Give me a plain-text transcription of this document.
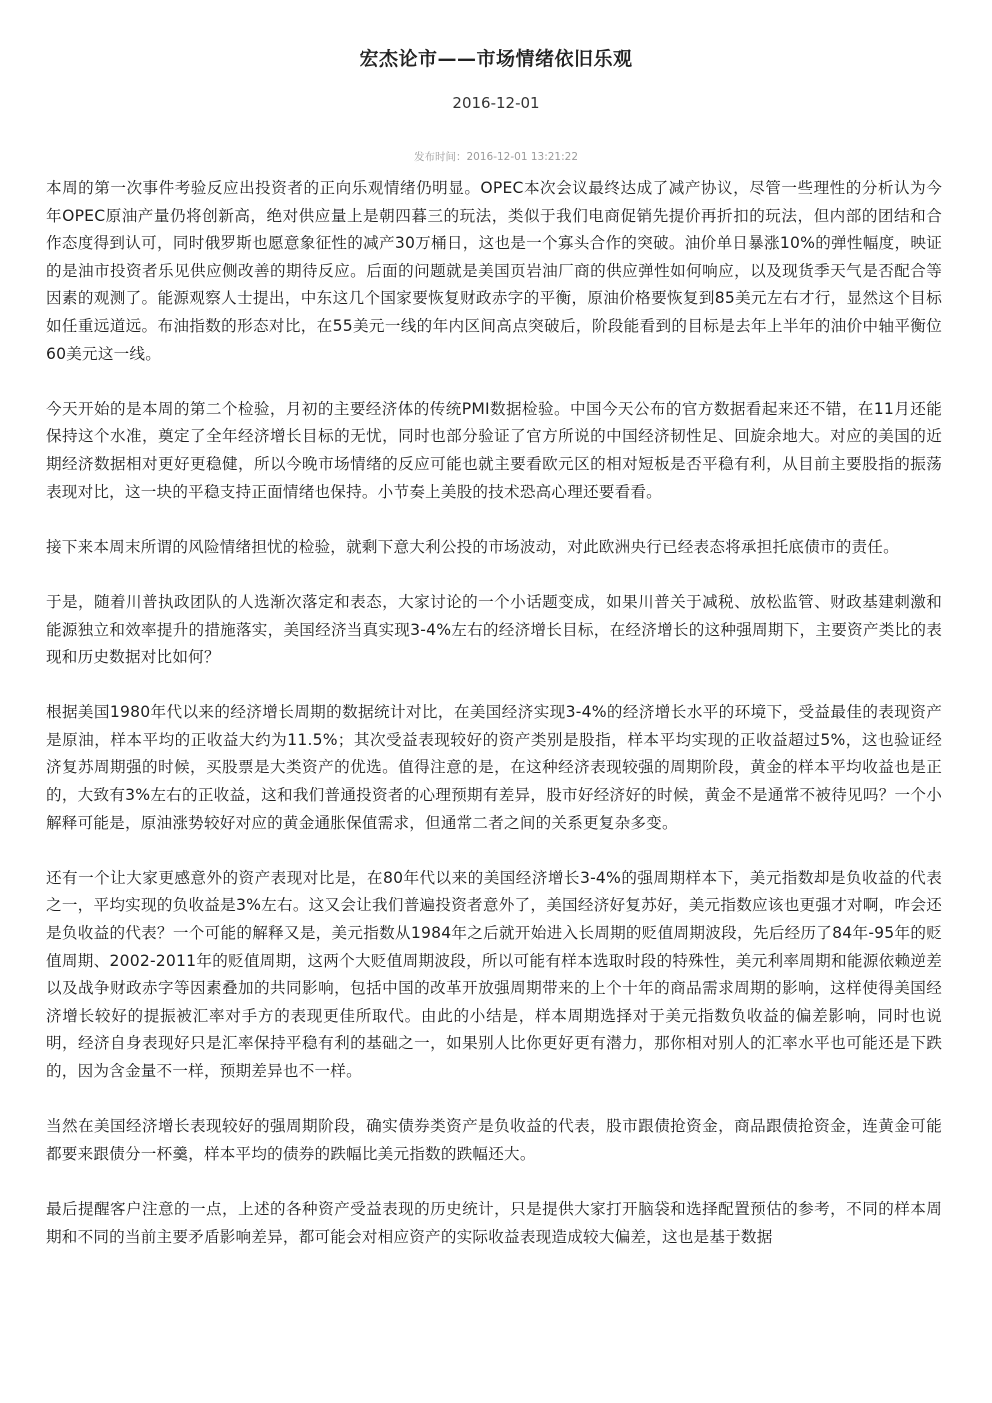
宏杰论市——市场情绪依旧乐观
2016-12-01
发布时间：2016-12-01 13:21:22

本周的第一次事件考验反应出投资者的正向乐观情绪仍明显。OPEC本次会议最终达成了减产协议，尽管一些理性的分析认为今年OPEC原油产量仍将创新高，绝对供应量上是朝四暮三的玩法，类似于我们电商促销先提价再折扣的玩法，但内部的团结和合作态度得到认可，同时俄罗斯也愿意象征性的减产30万桶日，这也是一个寡头合作的突破。油价单日暴涨10%的弹性幅度，映证的是油市投资者乐见供应侧改善的期待反应。后面的问题就是美国页岩油厂商的供应弹性如何响应，以及现货季天气是否配合等因素的观测了。能源观察人士提出，中东这几个国家要恢复财政赤字的平衡，原油价格要恢复到85美元左右才行，显然这个目标如任重远道远。布油指数的形态对比，在55美元一线的年内区间高点突破后，阶段能看到的目标是去年上半年的油价中轴平衡位60美元这一线。

今天开始的是本周的第二个检验，月初的主要经济体的传统PMI数据检验。中国今天公布的官方数据看起来还不错，在11月还能保持这个水准，奠定了全年经济增长目标的无忧，同时也部分验证了官方所说的中国经济韧性足、回旋余地大。对应的美国的近期经济数据相对更好更稳健，所以今晚市场情绪的反应可能也就主要看欧元区的相对短板是否平稳有利，从目前主要股指的振荡表现对比，这一块的平稳支持正面情绪也保持。小节奏上美股的技术恐高心理还要看看。

接下来本周末所谓的风险情绪担忧的检验，就剩下意大利公投的市场波动，对此欧洲央行已经表态将承担托底债市的责任。

于是，随着川普执政团队的人选渐次落定和表态，大家讨论的一个小话题变成，如果川普关于减税、放松监管、财政基建刺激和能源独立和效率提升的措施落实，美国经济当真实现3-4%左右的经济增长目标，在经济增长的这种强周期下，主要资产类比的表现和历史数据对比如何？

根据美国1980年代以来的经济增长周期的数据统计对比，在美国经济实现3-4%的经济增长水平的环境下，受益最佳的表现资产是原油，样本平均的正收益大约为11.5%；其次受益表现较好的资产类别是股指，样本平均实现的正收益超过5%，这也验证经济复苏周期强的时候，买股票是大类资产的优选。值得注意的是，在这种经济表现较强的周期阶段，黄金的样本平均收益也是正的，大致有3%左右的正收益，这和我们普通投资者的心理预期有差异，股市好经济好的时候，黄金不是通常不被待见吗？一个小解释可能是，原油涨势较好对应的黄金通胀保值需求，但通常二者之间的关系更复杂多变。

还有一个让大家更感意外的资产表现对比是，在80年代以来的美国经济增长3-4%的强周期样本下，美元指数却是负收益的代表之一，平均实现的负收益是3%左右。这又会让我们普遍投资者意外了，美国经济好复苏好，美元指数应该也更强才对啊，咋会还是负收益的代表？一个可能的解释又是，美元指数从1984年之后就开始进入长周期的贬值周期波段，先后经历了84年-95年的贬值周期、2002-2011年的贬值周期，这两个大贬值周期波段，所以可能有样本选取时段的特殊性，美元利率周期和能源依赖逆差以及战争财政赤字等因素叠加的共同影响，包括中国的改革开放强周期带来的上个十年的商品需求周期的影响，这样使得美国经济增长较好的提振被汇率对手方的表现更佳所取代。由此的小结是，样本周期选择对于美元指数负收益的偏差影响，同时也说明，经济自身表现好只是汇率保持平稳有利的基础之一，如果别人比你更好更有潜力，那你相对别人的汇率水平也可能还是下跌的，因为含金量不一样，预期差异也不一样。

当然在美国经济增长表现较好的强周期阶段，确实债券类资产是负收益的代表，股市跟债抢资金，商品跟债抢资金，连黄金可能都要来跟债分一杯羹，样本平均的债券的跌幅比美元指数的跌幅还大。

最后提醒客户注意的一点，上述的各种资产受益表现的历史统计，只是提供大家打开脑袋和选择配置预估的参考，不同的样本周期和不同的当前主要矛盾影响差异，都可能会对相应资产的实际收益表现造成较大偏差，这也是基于数据
